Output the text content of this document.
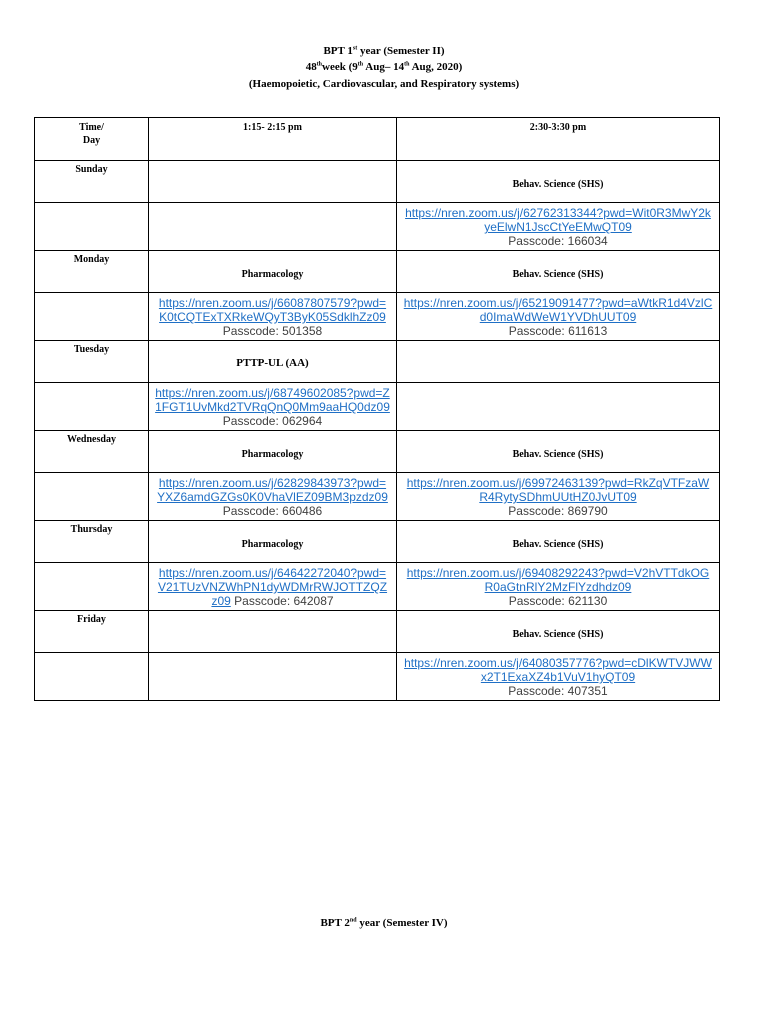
BPT 1st year (Semester II)
48thweek (9th Aug– 14th Aug, 2020)
(Haemopoietic, Cardiovascular, and Respiratory systems)
Time/
Day	1:15- 2:15 pm	2:30-3:30 pm
Sunday		Behav. Science (SHS)
		https://nren.zoom.us/j/62762313344?pwd=Wit0R3MwY2kyeElwN1JscCtYeEMwQT09
Passcode: 166034
Monday	Pharmacology	Behav. Science (SHS)
	https://nren.zoom.us/j/66087807579?pwd=K0tCQTExTXRkeWQyT3ByK05SdklhZz09 Passcode: 501358	https://nren.zoom.us/j/65219091477?pwd=aWtkR1d4VzlCd0ImaWdWeW1YVDhUUT09
Passcode: 611613
Tuesday	PTTP-UL (AA)	
	https://nren.zoom.us/j/68749602085?pwd=Z1FGT1UvMkd2TVRqQnQ0Mm9aaHQ0dz09 Passcode: 062964	
Wednesday	Pharmacology	Behav. Science (SHS)
	https://nren.zoom.us/j/62829843973?pwd=YXZ6amdGZGs0K0VhaVlEZ09BM3pzdz09 Passcode: 660486	https://nren.zoom.us/j/69972463139?pwd=RkZqVTFzaWR4RytySDhmUUtHZ0JvUT09
Passcode: 869790
Thursday	Pharmacology	Behav. Science (SHS)
	https://nren.zoom.us/j/64642272040?pwd=V21TUzVNZWhPN1dyWDMrRWJOTTZQZz09 Passcode: 642087	https://nren.zoom.us/j/69408292243?pwd=V2hVTTdkOGR0aGtnRlY2MzFlYzdhdz09
Passcode: 621130
Friday		Behav. Science (SHS)
		https://nren.zoom.us/j/64080357776?pwd=cDlKWTVJWWx2T1ExaXZ4b1VuV1hyQT09
Passcode: 407351
BPT 2nd year (Semester IV)
